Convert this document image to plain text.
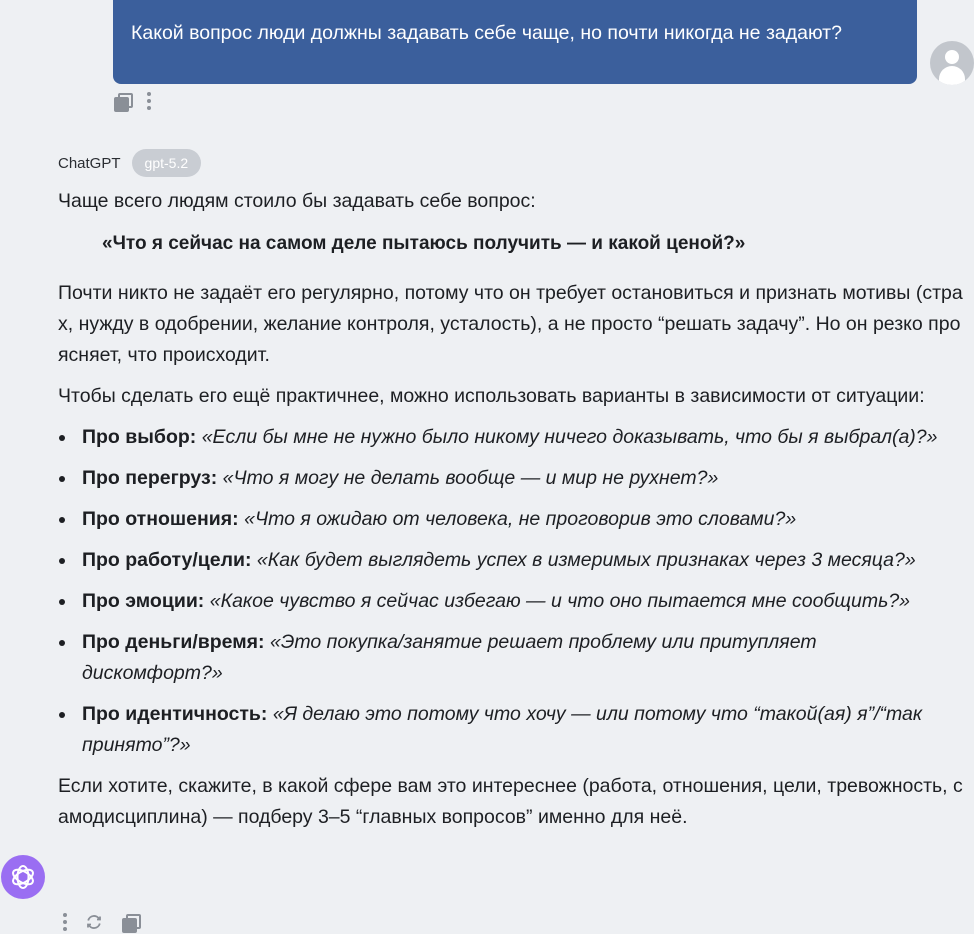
Какой вопрос люди должны задавать себе чаще, но почти никогда не задают?
ChatGPT	gpt-5.2
Чаще всего людям стоило бы задавать себе вопрос:
«Что я сейчас на самом деле пытаюсь получить — и какой ценой?»
Почти никто не задаёт его регулярно, потому что он требует остановиться и признать мотивы (страх, нужду в одобрении, желание контроля, усталость), а не просто “решать задачу”. Но он резко проясняет, что происходит.
Чтобы сделать его ещё практичнее, можно использовать варианты в зависимости от ситуации:
Про выбор: «Если бы мне не нужно было никому ничего доказывать, что бы я выбрал(а)?»
Про перегруз: «Что я могу не делать вообще — и мир не рухнет?»
Про отношения: «Что я ожидаю от человека, не проговорив это словами?»
Про работу/цели: «Как будет выглядеть успех в измеримых признаках через 3 месяца?»
Про эмоции: «Какое чувство я сейчас избегаю — и что оно пытается мне сообщить?»
Про деньги/время: «Это покупка/занятие решает проблему или притупляет дискомфорт?»
Про идентичность: «Я делаю это потому что хочу — или потому что “такой(ая) я”/“так принято”?»
Если хотите, скажите, в какой сфере вам это интереснее (работа, отношения, цели, тревожность, самодисциплина) — подберу 3–5 “главных вопросов” именно для неё.
